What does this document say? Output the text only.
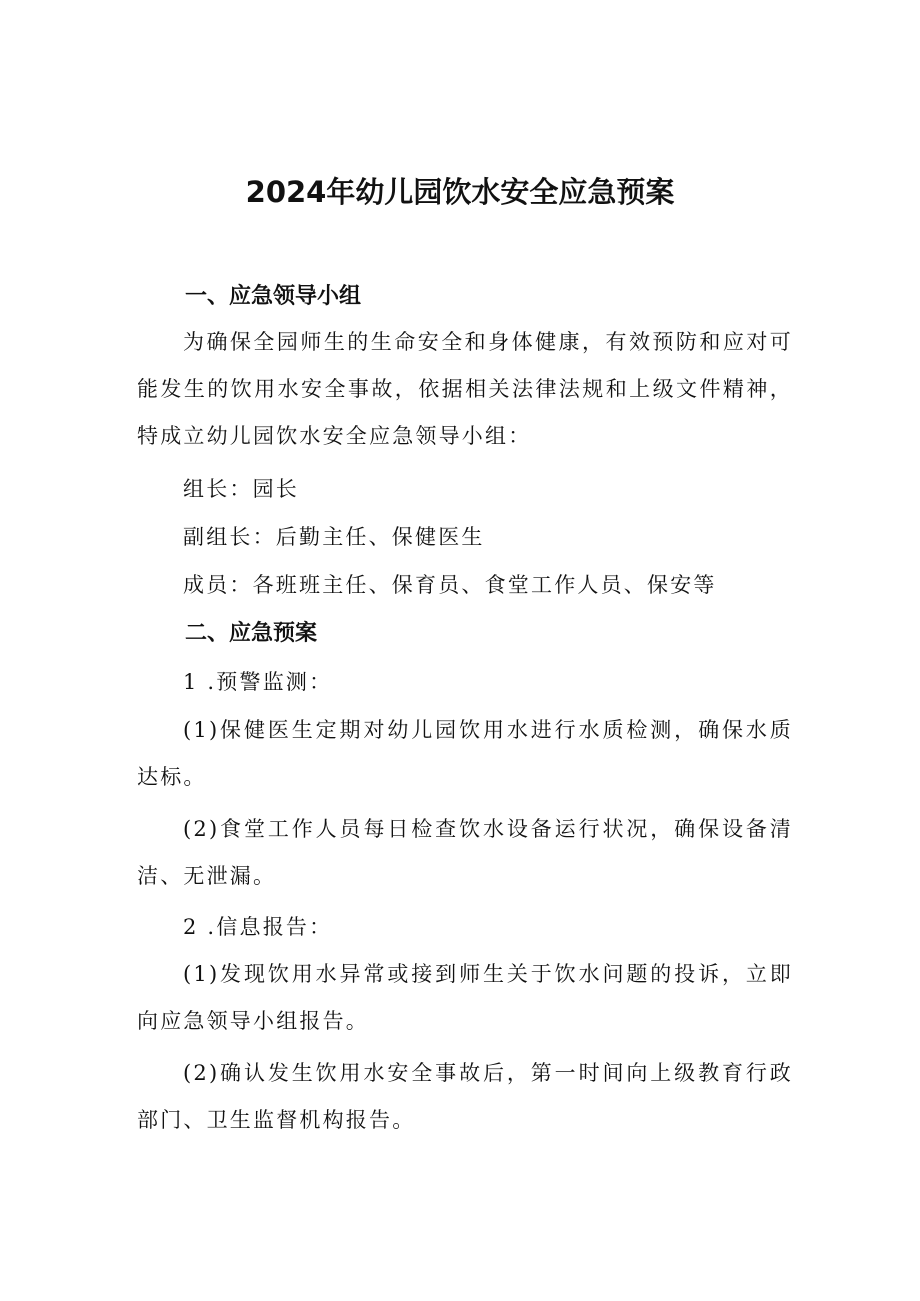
2024年幼儿园饮水安全应急预案
一、应急领导小组

为确保全园师生的生命安全和身体健康，有效预防和应对可能发生的饮用水安全事故，依据相关法律法规和上级文件精神，特成立幼儿园饮水安全应急领导小组：

组长：园长
副组长：后勤主任、保健医生
成员：各班班主任、保育员、食堂工作人员、保安等
二、应急预案
1 .预警监测：

(1)保健医生定期对幼儿园饮用水进行水质检测，确保水质达标。

(2)食堂工作人员每日检查饮水设备运行状况，确保设备清洁、无泄漏。

2 .信息报告：

(1)发现饮用水异常或接到师生关于饮水问题的投诉，立即向应急领导小组报告。

(2)确认发生饮用水安全事故后，第一时间向上级教育行政部门、卫生监督机构报告。
